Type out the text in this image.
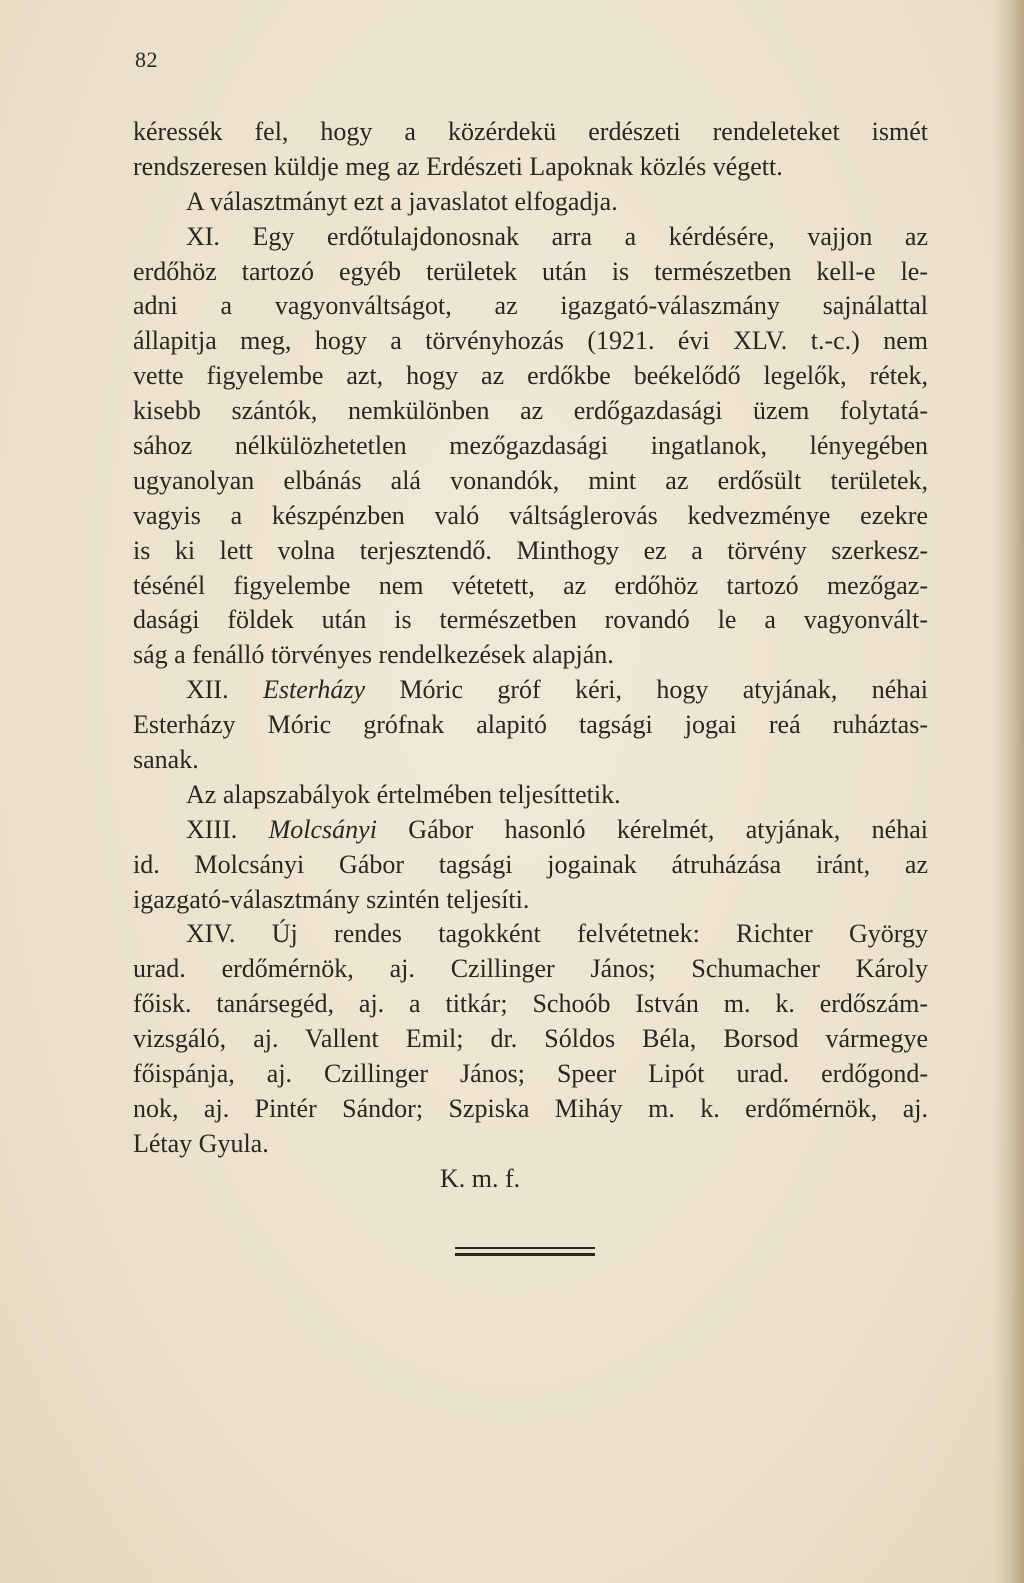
82
kéressék fel, hogy a közérdekü erdészeti rendeleteket ismét
rendszeresen küldje meg az Erdészeti Lapoknak közlés végett.
A választmányt ezt a javaslatot elfogadja.
XI. Egy erdőtulajdonosnak arra a kérdésére, vajjon az
erdőhöz tartozó egyéb területek után is természetben kell-e le-
adni a vagyonváltságot, az igazgató-válaszmány sajnálattal
állapitja meg, hogy a törvényhozás (1921. évi XLV. t.-c.) nem
vette figyelembe azt, hogy az erdőkbe beékelődő legelők, rétek,
kisebb szántók, nemkülönben az erdőgazdasági üzem folytatá-
sához nélkülözhetetlen mezőgazdasági ingatlanok, lényegében
ugyanolyan elbánás alá vonandók, mint az erdősült területek,
vagyis a készpénzben való váltságlerovás kedvezménye ezekre
is ki lett volna terjesztendő. Minthogy ez a törvény szerkesz-
tésénél figyelembe nem vétetett, az erdőhöz tartozó mezőgaz-
dasági földek után is természetben rovandó le a vagyonvált-
ság a fenálló törvényes rendelkezések alapján.
XII. Esterházy Móric gróf kéri, hogy atyjának, néhai
Esterházy Móric grófnak alapitó tagsági jogai reá ruháztas-
sanak.
Az alapszabályok értelmében teljesíttetik.
XIII. Molcsányi Gábor hasonló kérelmét, atyjának, néhai
id. Molcsányi Gábor tagsági jogainak átruházása iránt, az
igazgató-választmány szintén teljesíti.
XIV. Új rendes tagokként felvétetnek: Richter György
urad. erdőmérnök, aj. Czillinger János; Schumacher Károly
főisk. tanársegéd, aj. a titkár; Schoób István m. k. erdőszám-
vizsgáló, aj. Vallent Emil; dr. Sóldos Béla, Borsod vármegye
főispánja, aj. Czillinger János; Speer Lipót urad. erdőgond-
nok, aj. Pintér Sándor; Szpiska Miháy m. k. erdőmérnök, aj.
Létay Gyula.
K. m. f.
